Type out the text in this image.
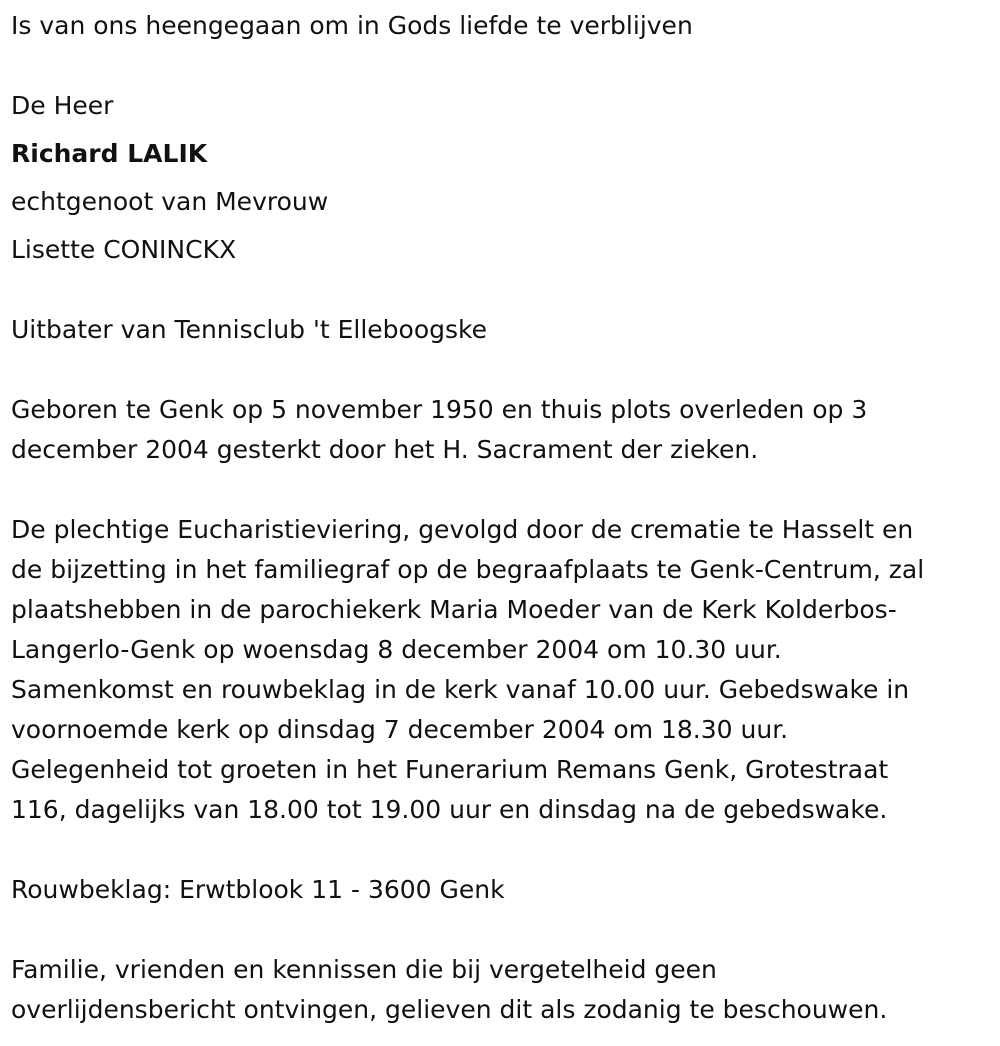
Is van ons heengegaan om in Gods liefde te verblijven
De Heer
Richard LALIK
echtgenoot van Mevrouw
Lisette CONINCKX
Uitbater van Tennisclub 't Elleboogske
Geboren te Genk op 5 november 1950 en thuis plots overleden op 3
december 2004 gesterkt door het H. Sacrament der zieken.
De plechtige Eucharistieviering, gevolgd door de crematie te Hasselt en
de bijzetting in het familiegraf op de begraafplaats te Genk-Centrum, zal
plaatshebben in de parochiekerk Maria Moeder van de Kerk Kolderbos-
Langerlo-Genk op woensdag 8 december 2004 om 10.30 uur.
Samenkomst en rouwbeklag in de kerk vanaf 10.00 uur. Gebedswake in
voornoemde kerk op dinsdag 7 december 2004 om 18.30 uur.
Gelegenheid tot groeten in het Funerarium Remans Genk, Grotestraat
116, dagelijks van 18.00 tot 19.00 uur en dinsdag na de gebedswake.
Rouwbeklag: Erwtblook 11 - 3600 Genk
Familie, vrienden en kennissen die bij vergetelheid geen
overlijdensbericht ontvingen, gelieven dit als zodanig te beschouwen.
